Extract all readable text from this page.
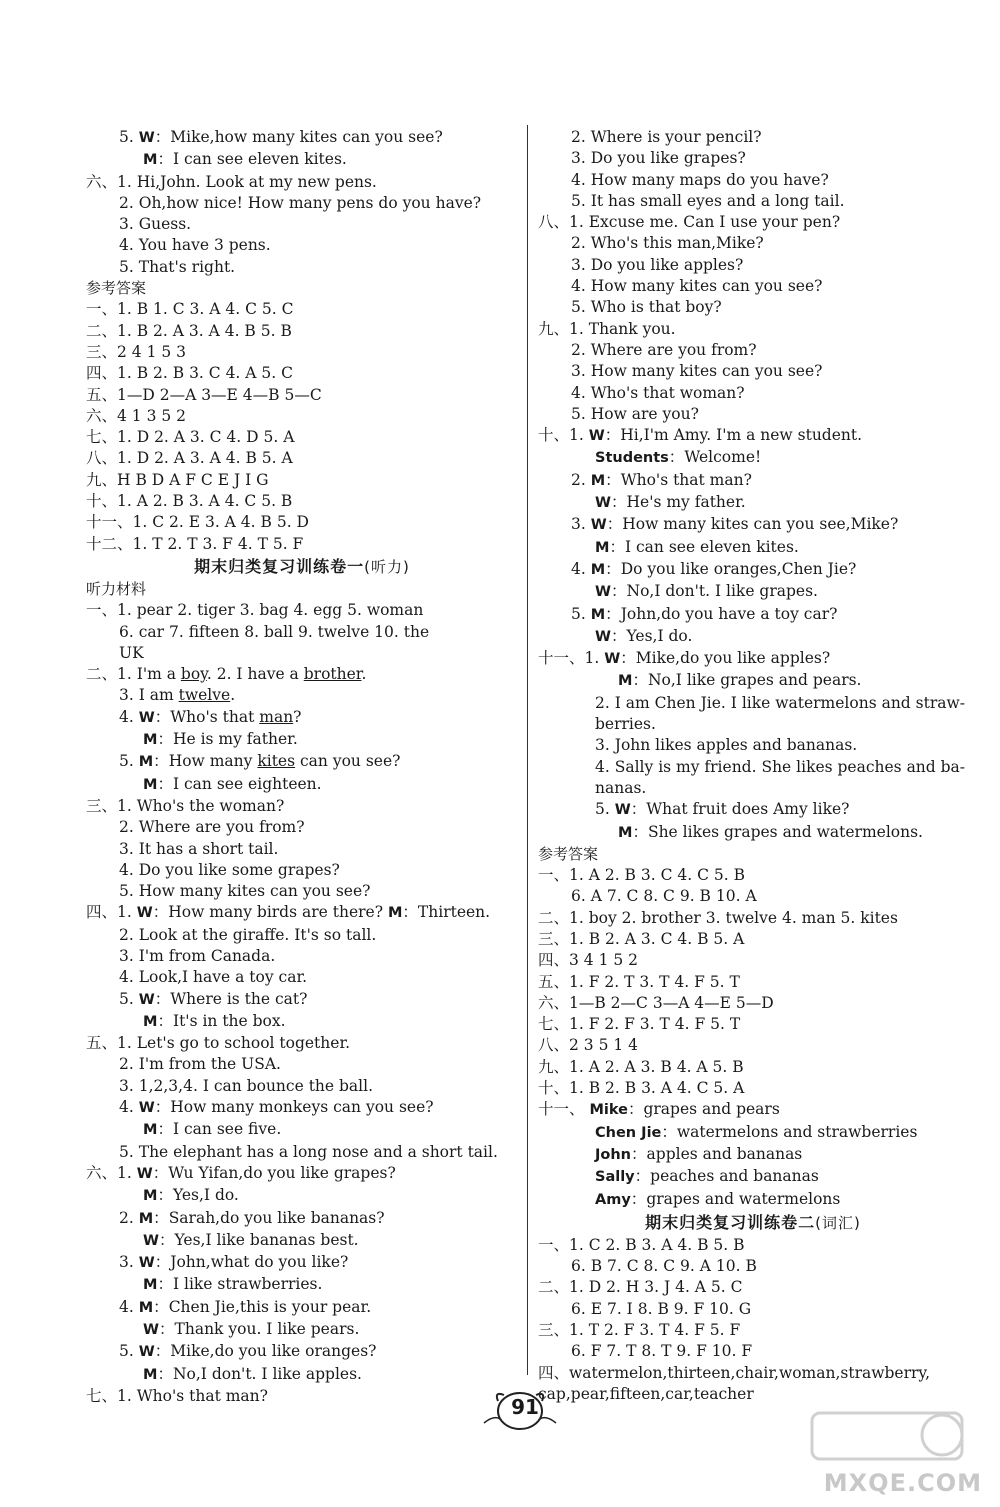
5. W：Mike,how many kites can you see?
M：I can see eleven kites.
六、1. Hi,John. Look at my new pens.
2. Oh,how nice! How many pens do you have?
3. Guess.
4. You have 3 pens.
5. That's right.
参考答案
一、1. B 1. C 3. A 4. C 5. C
二、1. B 2. A 3. A 4. B 5. B
三、2 4 1 5 3
四、1. B 2. B 3. C 4. A 5. C
五、1—D 2—A 3—E 4—B 5—C
六、4 1 3 5 2
七、1. D 2. A 3. C 4. D 5. A
八、1. D 2. A 3. A 4. B 5. A
九、H B D A F C E J I G
十、1. A 2. B 3. A 4. C 5. B
十一、1. C 2. E 3. A 4. B 5. D
十二、1. T 2. T 3. F 4. T 5. F
期末归类复习训练卷一(听力)
听力材料
一、1. pear 2. tiger 3. bag 4. egg 5. woman
6. car 7. fifteen 8. ball 9. twelve 10. the
UK
二、1. I'm a boy. 2. I have a brother.
3. I am twelve.
4. W：Who's that man?
M：He is my father.
5. M：How many kites can you see?
M：I can see eighteen.
三、1. Who's the woman?
2. Where are you from?
3. It has a short tail.
4. Do you like some grapes?
5. How many kites can you see?
四、1. W：How many birds are there? M：Thirteen.
2. Look at the giraffe. It's so tall.
3. I'm from Canada.
4. Look,I have a toy car.
5. W：Where is the cat?
M：It's in the box.
五、1. Let's go to school together.
2. I'm from the USA.
3. 1,2,3,4. I can bounce the ball.
4. W：How many monkeys can you see?
M：I can see five.
5. The elephant has a long nose and a short tail.
六、1. W：Wu Yifan,do you like grapes?
M：Yes,I do.
2. M：Sarah,do you like bananas?
W：Yes,I like bananas best.
3. W：John,what do you like?
M：I like strawberries.
4. M：Chen Jie,this is your pear.
W：Thank you. I like pears.
5. W：Mike,do you like oranges?
M：No,I don't. I like apples.
七、1. Who's that man?
2. Where is your pencil?
3. Do you like grapes?
4. How many maps do you have?
5. It has small eyes and a long tail.
八、1. Excuse me. Can I use your pen?
2. Who's this man,Mike?
3. Do you like apples?
4. How many kites can you see?
5. Who is that boy?
九、1. Thank you.
2. Where are you from?
3. How many kites can you see?
4. Who's that woman?
5. How are you?
十、1. W：Hi,I'm Amy. I'm a new student.
Students：Welcome!
2. M：Who's that man?
W：He's my father.
3. W：How many kites can you see,Mike?
M：I can see eleven kites.
4. M：Do you like oranges,Chen Jie?
W：No,I don't. I like grapes.
5. M：John,do you have a toy car?
W：Yes,I do.
十一、1. W：Mike,do you like apples?
M：No,I like grapes and pears.
2. I am Chen Jie. I like watermelons and straw-
berries.
3. John likes apples and bananas.
4. Sally is my friend. She likes peaches and ba-
nanas.
5. W：What fruit does Amy like?
M：She likes grapes and watermelons.
参考答案
一、1. A 2. B 3. C 4. C 5. B
6. A 7. C 8. C 9. B 10. A
二、1. boy 2. brother 3. twelve 4. man 5. kites
三、1. B 2. A 3. C 4. B 5. A
四、3 4 1 5 2
五、1. F 2. T 3. T 4. F 5. T
六、1—B 2—C 3—A 4—E 5—D
七、1. F 2. F 3. T 4. F 5. T
八、2 3 5 1 4
九、1. A 2. A 3. B 4. A 5. B
十、1. B 2. B 3. A 4. C 5. A
十一、 Mike：grapes and pears
Chen Jie：watermelons and strawberries
John：apples and bananas
Sally：peaches and bananas
Amy：grapes and watermelons
期末归类复习训练卷二(词汇)
一、1. C 2. B 3. A 4. B 5. B
6. B 7. C 8. C 9. A 10. B
二、1. D 2. H 3. J 4. A 5. C
6. E 7. I 8. B 9. F 10. G
三、1. T 2. F 3. T 4. F 5. F
6. F 7. T 8. T 9. F 10. F
四、watermelon,thirteen,chair,woman,strawberry,
cap,pear,fifteen,car,teacher
91
MXQE.COM
